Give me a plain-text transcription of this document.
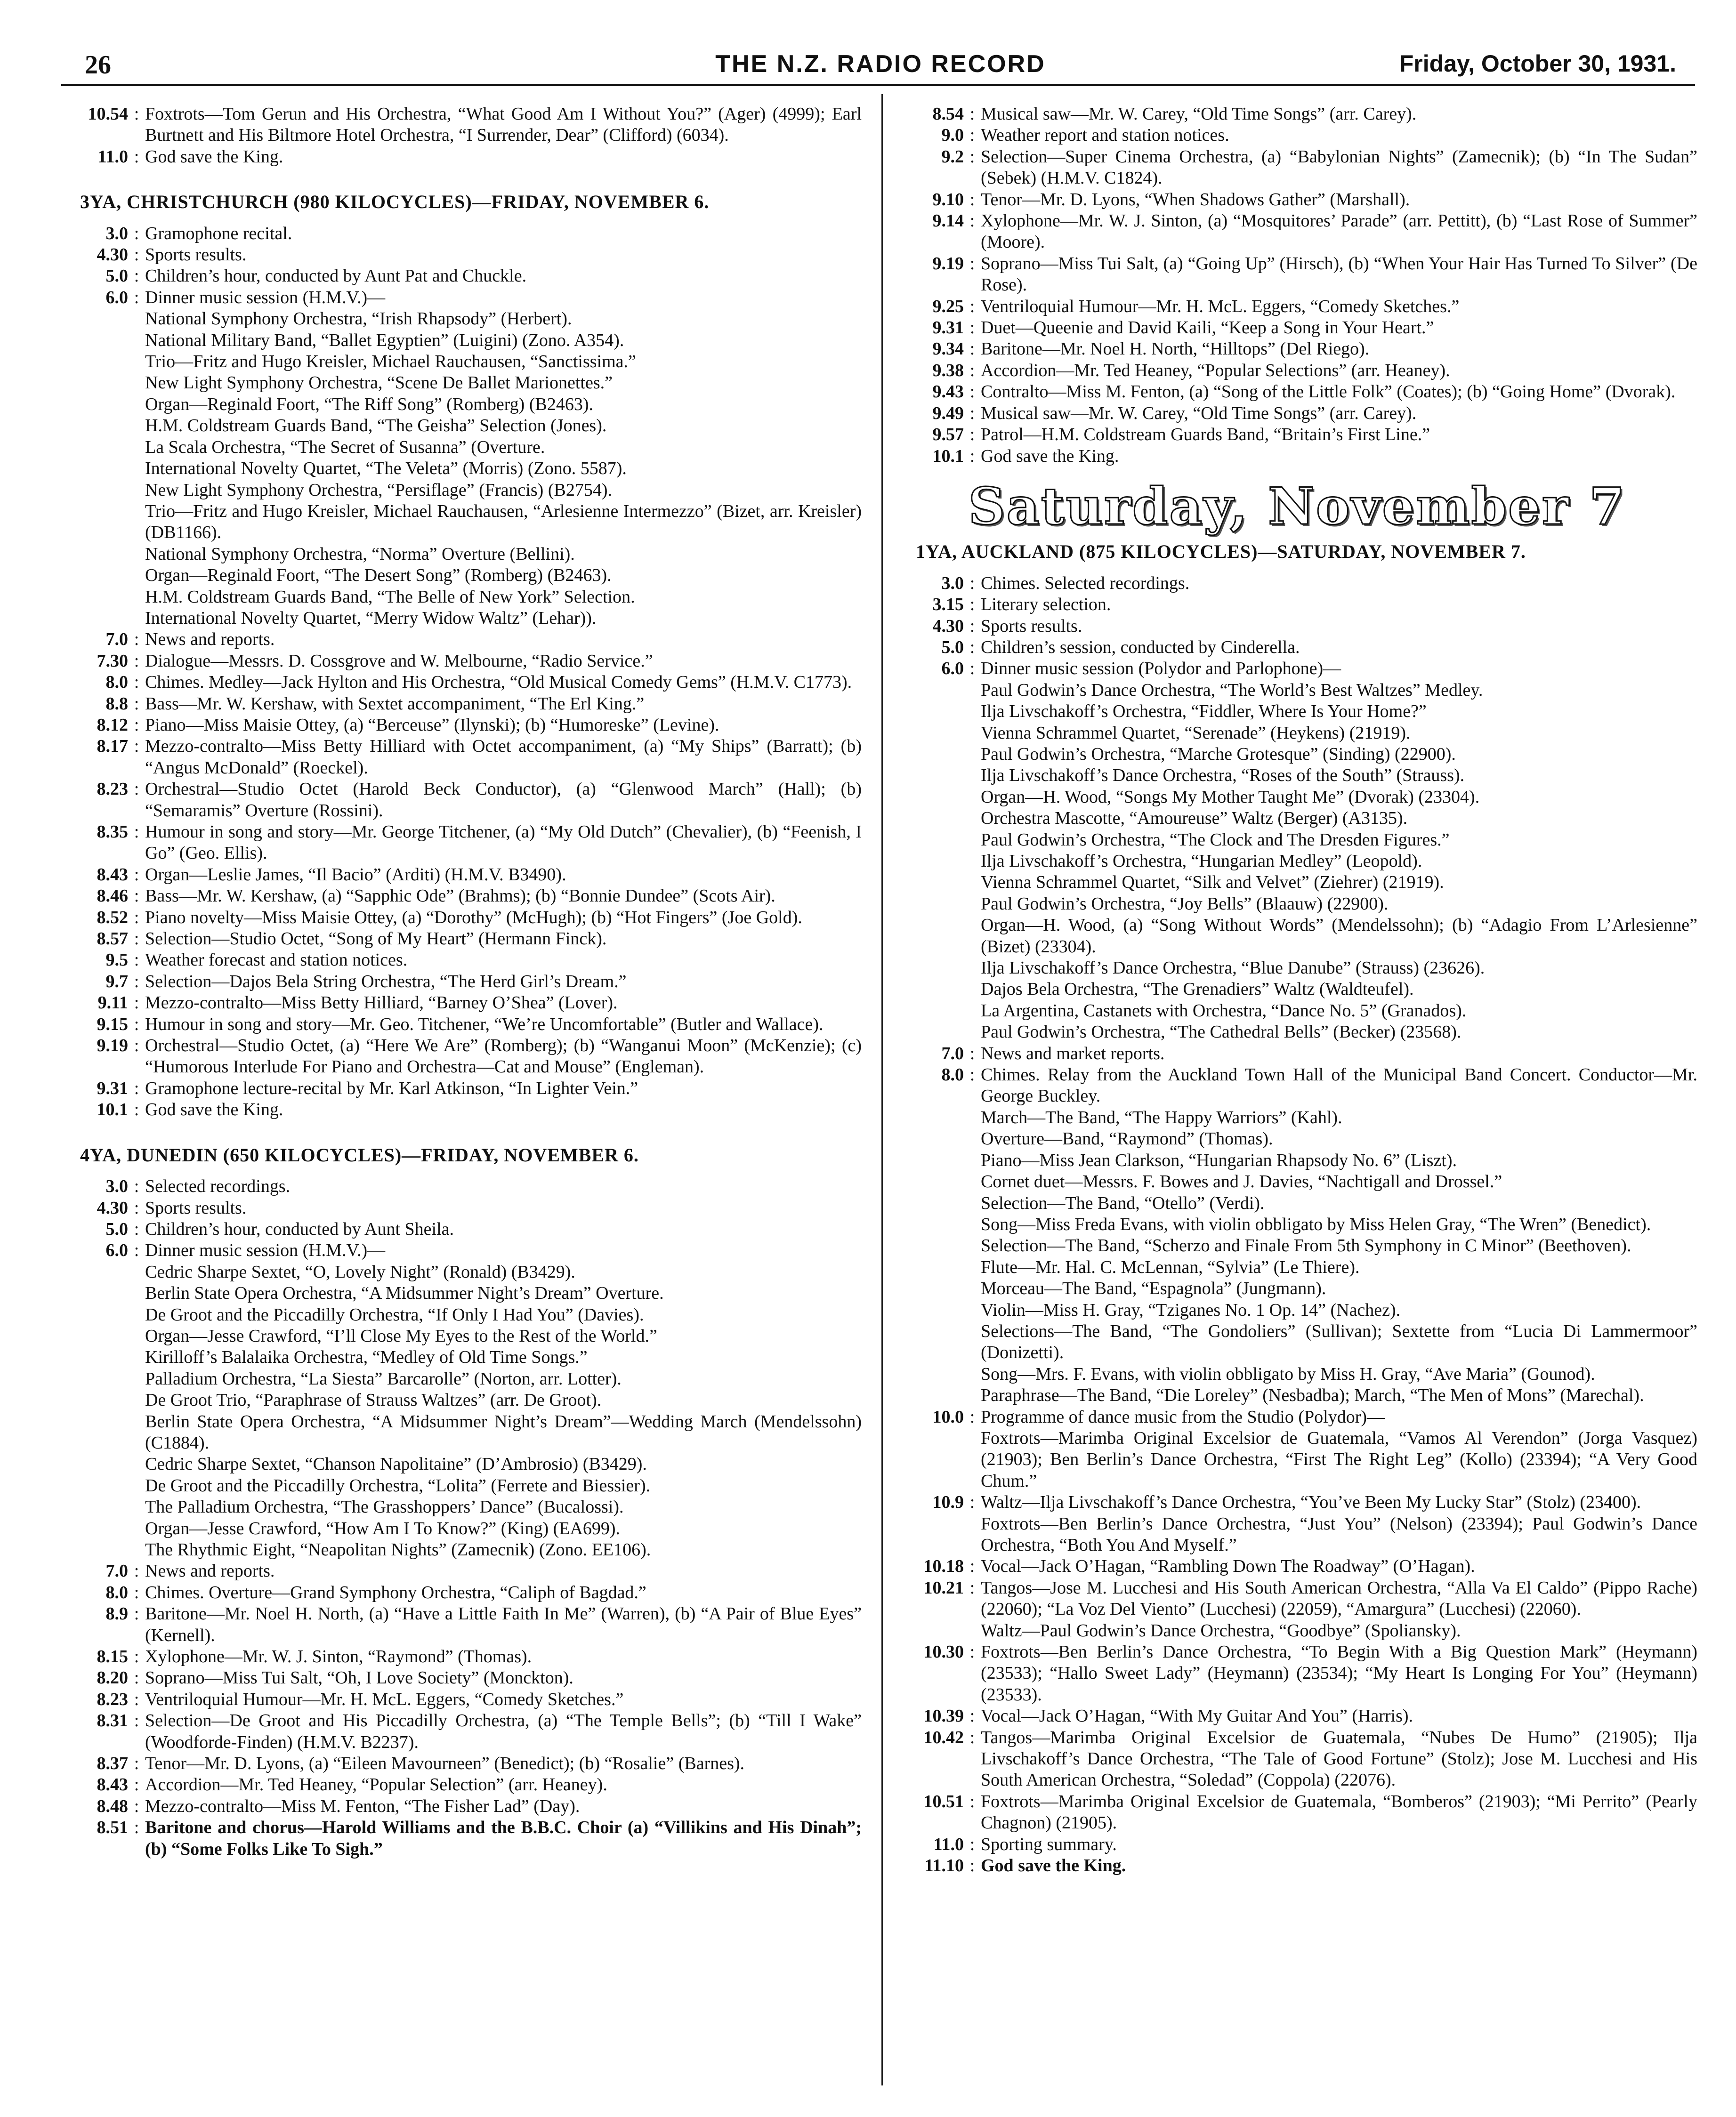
26	THE N.Z. RADIO RECORD	Friday, October 30, 1931.
10.54 : Foxtrots—Tom Gerun and His Orchestra, “What Good Am I Without You?” (Ager) (4999); Earl Burtnett and His Biltmore Hotel Orchestra, “I Surrender, Dear” (Clifford) (6034).
11.0 : God save the King.
3YA, CHRISTCHURCH (980 KILOCYCLES)—FRIDAY, NOVEMBER 6.
3.0 : Gramophone recital.
4.30 : Sports results.
5.0 : Children’s hour, conducted by Aunt Pat and Chuckle.
6.0 : Dinner music session (H.M.V.)—
National Symphony Orchestra, “Irish Rhapsody” (Herbert).
National Military Band, “Ballet Egyptien” (Luigini) (Zono. A354).
Trio—Fritz and Hugo Kreisler, Michael Rauchausen, “Sanctissima.”
New Light Symphony Orchestra, “Scene De Ballet Marionettes.”
Organ—Reginald Foort, “The Riff Song” (Romberg) (B2463).
H.M. Coldstream Guards Band, “The Geisha” Selection (Jones).
La Scala Orchestra, “The Secret of Susanna” (Overture.
International Novelty Quartet, “The Veleta” (Morris) (Zono. 5587).
New Light Symphony Orchestra, “Persiflage” (Francis) (B2754).
Trio—Fritz and Hugo Kreisler, Michael Rauchausen, “Arlesienne Intermezzo” (Bizet, arr. Kreisler) (DB1166).
National Symphony Orchestra, “Norma” Overture (Bellini).
Organ—Reginald Foort, “The Desert Song” (Romberg) (B2463).
H.M. Coldstream Guards Band, “The Belle of New York” Selection.
International Novelty Quartet, “Merry Widow Waltz” (Lehar)).
7.0 : News and reports.
7.30 : Dialogue—Messrs. D. Cossgrove and W. Melbourne, “Radio Service.”
8.0 : Chimes. Medley—Jack Hylton and His Orchestra, “Old Musical Comedy Gems” (H.M.V. C1773).
8.8 : Bass—Mr. W. Kershaw, with Sextet accompaniment, “The Erl King.”
8.12 : Piano—Miss Maisie Ottey, (a) “Berceuse” (Ilynski); (b) “Humoreske” (Levine).
8.17 : Mezzo-contralto—Miss Betty Hilliard with Octet accompaniment, (a) “My Ships” (Barratt); (b) “Angus McDonald” (Roeckel).
8.23 : Orchestral—Studio Octet (Harold Beck Conductor), (a) “Glenwood March” (Hall); (b) “Semaramis” Overture (Rossini).
8.35 : Humour in song and story—Mr. George Titchener, (a) “My Old Dutch” (Chevalier), (b) “Feenish, I Go” (Geo. Ellis).
8.43 : Organ—Leslie James, “Il Bacio” (Arditi) (H.M.V. B3490).
8.46 : Bass—Mr. W. Kershaw, (a) “Sapphic Ode” (Brahms); (b) “Bonnie Dundee” (Scots Air).
8.52 : Piano novelty—Miss Maisie Ottey, (a) “Dorothy” (McHugh); (b) “Hot Fingers” (Joe Gold).
8.57 : Selection—Studio Octet, “Song of My Heart” (Hermann Finck).
9.5 : Weather forecast and station notices.
9.7 : Selection—Dajos Bela String Orchestra, “The Herd Girl’s Dream.”
9.11 : Mezzo-contralto—Miss Betty Hilliard, “Barney O’Shea” (Lover).
9.15 : Humour in song and story—Mr. Geo. Titchener, “We’re Uncomfortable” (Butler and Wallace).
9.19 : Orchestral—Studio Octet, (a) “Here We Are” (Romberg); (b) “Wanganui Moon” (McKenzie); (c) “Humorous Interlude For Piano and Orchestra—Cat and Mouse” (Engleman).
9.31 : Gramophone lecture-recital by Mr. Karl Atkinson, “In Lighter Vein.”
10.1 : God save the King.
4YA, DUNEDIN (650 KILOCYCLES)—FRIDAY, NOVEMBER 6.
3.0 : Selected recordings.
4.30 : Sports results.
5.0 : Children’s hour, conducted by Aunt Sheila.
6.0 : Dinner music session (H.M.V.)—
Cedric Sharpe Sextet, “O, Lovely Night” (Ronald) (B3429).
Berlin State Opera Orchestra, “A Midsummer Night’s Dream” Overture.
De Groot and the Piccadilly Orchestra, “If Only I Had You” (Davies).
Organ—Jesse Crawford, “I’ll Close My Eyes to the Rest of the World.”
Kirilloff’s Balalaika Orchestra, “Medley of Old Time Songs.”
Palladium Orchestra, “La Siesta” Barcarolle” (Norton, arr. Lotter).
De Groot Trio, “Paraphrase of Strauss Waltzes” (arr. De Groot).
Berlin State Opera Orchestra, “A Midsummer Night’s Dream”—Wedding March (Mendelssohn) (C1884).
Cedric Sharpe Sextet, “Chanson Napolitaine” (D’Ambrosio) (B3429).
De Groot and the Piccadilly Orchestra, “Lolita” (Ferrete and Biessier).
The Palladium Orchestra, “The Grasshoppers’ Dance” (Bucalossi).
Organ—Jesse Crawford, “How Am I To Know?” (King) (EA699).
The Rhythmic Eight, “Neapolitan Nights” (Zamecnik) (Zono. EE106).
7.0 : News and reports.
8.0 : Chimes. Overture—Grand Symphony Orchestra, “Caliph of Bagdad.”
8.9 : Baritone—Mr. Noel H. North, (a) “Have a Little Faith In Me” (Warren), (b) “A Pair of Blue Eyes” (Kernell).
8.15 : Xylophone—Mr. W. J. Sinton, “Raymond” (Thomas).
8.20 : Soprano—Miss Tui Salt, “Oh, I Love Society” (Monckton).
8.23 : Ventriloquial Humour—Mr. H. McL. Eggers, “Comedy Sketches.”
8.31 : Selection—De Groot and His Piccadilly Orchestra, (a) “The Temple Bells”; (b) “Till I Wake” (Woodforde-Finden) (H.M.V. B2237).
8.37 : Tenor—Mr. D. Lyons, (a) “Eileen Mavourneen” (Benedict); (b) “Rosalie” (Barnes).
8.43 : Accordion—Mr. Ted Heaney, “Popular Selection” (arr. Heaney).
8.48 : Mezzo-contralto—Miss M. Fenton, “The Fisher Lad” (Day).
8.51 : Baritone and chorus—Harold Williams and the B.B.C. Choir (a) “Villikins and His Dinah”; (b) “Some Folks Like To Sigh.”
8.54 : Musical saw—Mr. W. Carey, “Old Time Songs” (arr. Carey).
9.0 : Weather report and station notices.
9.2 : Selection—Super Cinema Orchestra, (a) “Babylonian Nights” (Zamecnik); (b) “In The Sudan” (Sebek) (H.M.V. C1824).
9.10 : Tenor—Mr. D. Lyons, “When Shadows Gather” (Marshall).
9.14 : Xylophone—Mr. W. J. Sinton, (a) “Mosquitores’ Parade” (arr. Pettitt), (b) “Last Rose of Summer” (Moore).
9.19 : Soprano—Miss Tui Salt, (a) “Going Up” (Hirsch), (b) “When Your Hair Has Turned To Silver” (De Rose).
9.25 : Ventriloquial Humour—Mr. H. McL. Eggers, “Comedy Sketches.”
9.31 : Duet—Queenie and David Kaili, “Keep a Song in Your Heart.”
9.34 : Baritone—Mr. Noel H. North, “Hilltops” (Del Riego).
9.38 : Accordion—Mr. Ted Heaney, “Popular Selections” (arr. Heaney).
9.43 : Contralto—Miss M. Fenton, (a) “Song of the Little Folk” (Coates); (b) “Going Home” (Dvorak).
9.49 : Musical saw—Mr. W. Carey, “Old Time Songs” (arr. Carey).
9.57 : Patrol—H.M. Coldstream Guards Band, “Britain’s First Line.”
10.1 : God save the King.
Saturday, November 7
1YA, AUCKLAND (875 KILOCYCLES)—SATURDAY, NOVEMBER 7.
3.0 : Chimes. Selected recordings.
3.15 : Literary selection.
4.30 : Sports results.
5.0 : Children’s session, conducted by Cinderella.
6.0 : Dinner music session (Polydor and Parlophone)—
Paul Godwin’s Dance Orchestra, “The World’s Best Waltzes” Medley.
Ilja Livschakoff’s Orchestra, “Fiddler, Where Is Your Home?”
Vienna Schrammel Quartet, “Serenade” (Heykens) (21919).
Paul Godwin’s Orchestra, “Marche Grotesque” (Sinding) (22900).
Ilja Livschakoff’s Dance Orchestra, “Roses of the South” (Strauss).
Organ—H. Wood, “Songs My Mother Taught Me” (Dvorak) (23304).
Orchestra Mascotte, “Amoureuse” Waltz (Berger) (A3135).
Paul Godwin’s Orchestra, “The Clock and The Dresden Figures.”
Ilja Livschakoff’s Orchestra, “Hungarian Medley” (Leopold).
Vienna Schrammel Quartet, “Silk and Velvet” (Ziehrer) (21919).
Paul Godwin’s Orchestra, “Joy Bells” (Blaauw) (22900).
Organ—H. Wood, (a) “Song Without Words” (Mendelssohn); (b) “Adagio From L’Arlesienne” (Bizet) (23304).
Ilja Livschakoff’s Dance Orchestra, “Blue Danube” (Strauss) (23626).
Dajos Bela Orchestra, “The Grenadiers” Waltz (Waldteufel).
La Argentina, Castanets with Orchestra, “Dance No. 5” (Granados).
Paul Godwin’s Orchestra, “The Cathedral Bells” (Becker) (23568).
7.0 : News and market reports.
8.0 : Chimes. Relay from the Auckland Town Hall of the Municipal Band Concert. Conductor—Mr. George Buckley.
March—The Band, “The Happy Warriors” (Kahl).
Overture—Band, “Raymond” (Thomas).
Piano—Miss Jean Clarkson, “Hungarian Rhapsody No. 6” (Liszt).
Cornet duet—Messrs. F. Bowes and J. Davies, “Nachtigall and Drossel.”
Selection—The Band, “Otello” (Verdi).
Song—Miss Freda Evans, with violin obbligato by Miss Helen Gray, “The Wren” (Benedict).
Selection—The Band, “Scherzo and Finale From 5th Symphony in C Minor” (Beethoven).
Flute—Mr. Hal. C. McLennan, “Sylvia” (Le Thiere).
Morceau—The Band, “Espagnola” (Jungmann).
Violin—Miss H. Gray, “Tziganes No. 1 Op. 14” (Nachez).
Selections—The Band, “The Gondoliers” (Sullivan); Sextette from “Lucia Di Lammermoor” (Donizetti).
Song—Mrs. F. Evans, with violin obbligato by Miss H. Gray, “Ave Maria” (Gounod).
Paraphrase—The Band, “Die Loreley” (Nesbadba); March, “The Men of Mons” (Marechal).
10.0 : Programme of dance music from the Studio (Polydor)—
Foxtrots—Marimba Original Excelsior de Guatemala, “Vamos Al Verendon” (Jorga Vasquez) (21903); Ben Berlin’s Dance Orchestra, “First The Right Leg” (Kollo) (23394); “A Very Good Chum.”
10.9 : Waltz—Ilja Livschakoff’s Dance Orchestra, “You’ve Been My Lucky Star” (Stolz) (23400).
Foxtrots—Ben Berlin’s Dance Orchestra, “Just You” (Nelson) (23394); Paul Godwin’s Dance Orchestra, “Both You And Myself.”
10.18 : Vocal—Jack O’Hagan, “Rambling Down The Roadway” (O’Hagan).
10.21 : Tangos—Jose M. Lucchesi and His South American Orchestra, “Alla Va El Caldo” (Pippo Rache) (22060); “La Voz Del Viento” (Lucchesi) (22059), “Amargura” (Lucchesi) (22060).
Waltz—Paul Godwin’s Dance Orchestra, “Goodbye” (Spoliansky).
10.30 : Foxtrots—Ben Berlin’s Dance Orchestra, “To Begin With a Big Question Mark” (Heymann) (23533); “Hallo Sweet Lady” (Heymann) (23534); “My Heart Is Longing For You” (Heymann) (23533).
10.39 : Vocal—Jack O’Hagan, “With My Guitar And You” (Harris).
10.42 : Tangos—Marimba Original Excelsior de Guatemala, “Nubes De Humo” (21905); Ilja Livschakoff’s Dance Orchestra, “The Tale of Good Fortune” (Stolz); Jose M. Lucchesi and His South American Orchestra, “Soledad” (Coppola) (22076).
10.51 : Foxtrots—Marimba Original Excelsior de Guatemala, “Bomberos” (21903); “Mi Perrito” (Pearly Chagnon) (21905).
11.0 : Sporting summary.
11.10 : God save the King.
